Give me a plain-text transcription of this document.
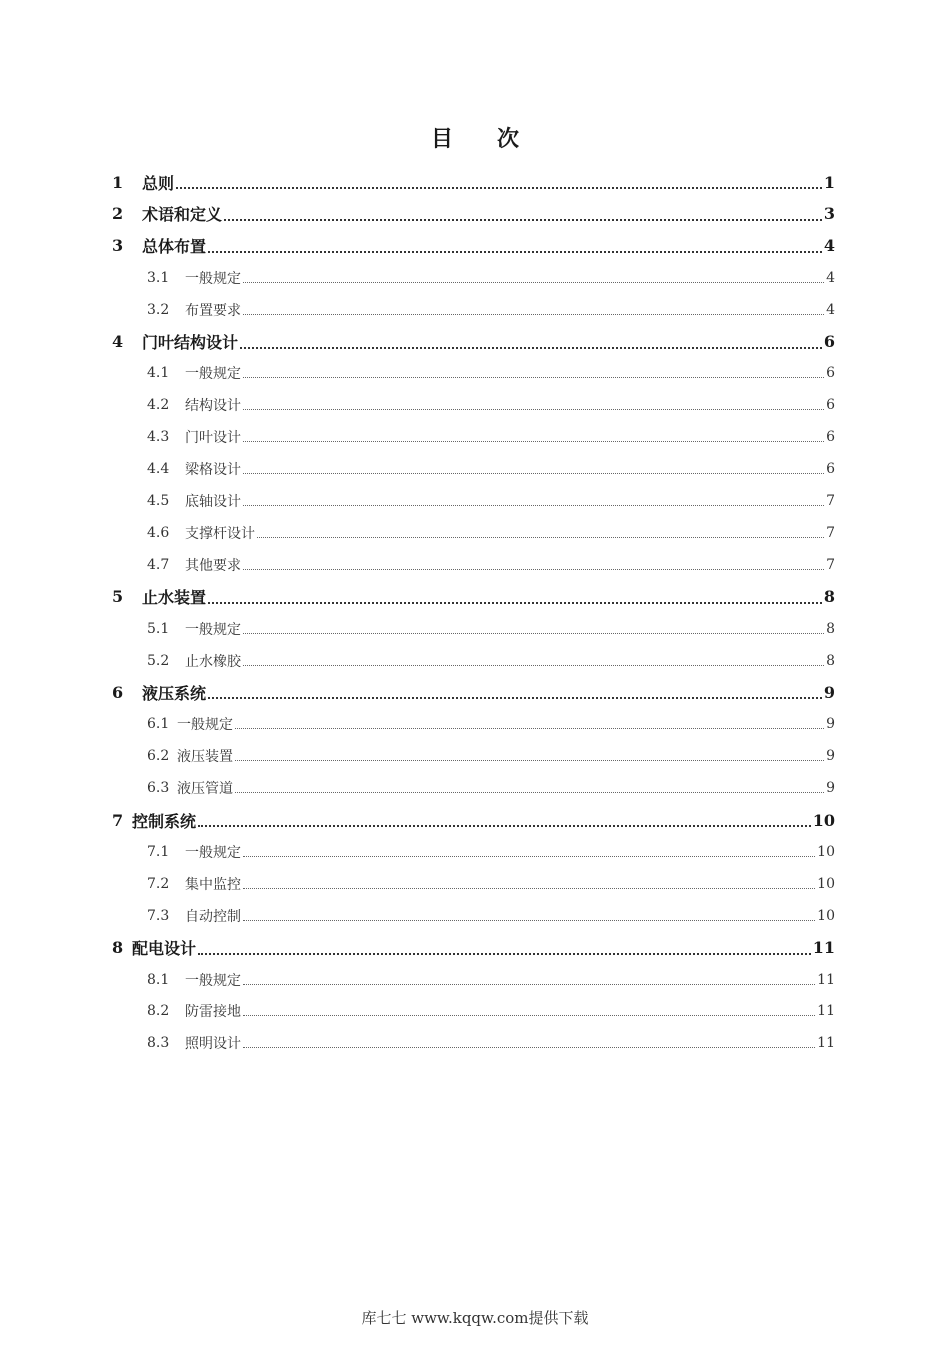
目 次
1 总则	1
2 术语和定义	3
3 总体布置	4
3.1 一般规定	4
3.2 布置要求	4
4 门叶结构设计	6
4.1 一般规定	6
4.2 结构设计	6
4.3 门叶设计	6
4.4 梁格设计	6
4.5 底轴设计	7
4.6 支撑杆设计	7
4.7 其他要求	7
5 止水装置	8
5.1 一般规定	8
5.2 止水橡胶	8
6 液压系统	9
6.1 一般规定	9
6.2 液压装置	9
6.3 液压管道	9
7 控制系统	10
7.1 一般规定	10
7.2 集中监控	10
7.3 自动控制	10
8 配电设计	11
8.1 一般规定	11
8.2 防雷接地	11
8.3 照明设计	11
库七七 www.kqqw.com提供下载
